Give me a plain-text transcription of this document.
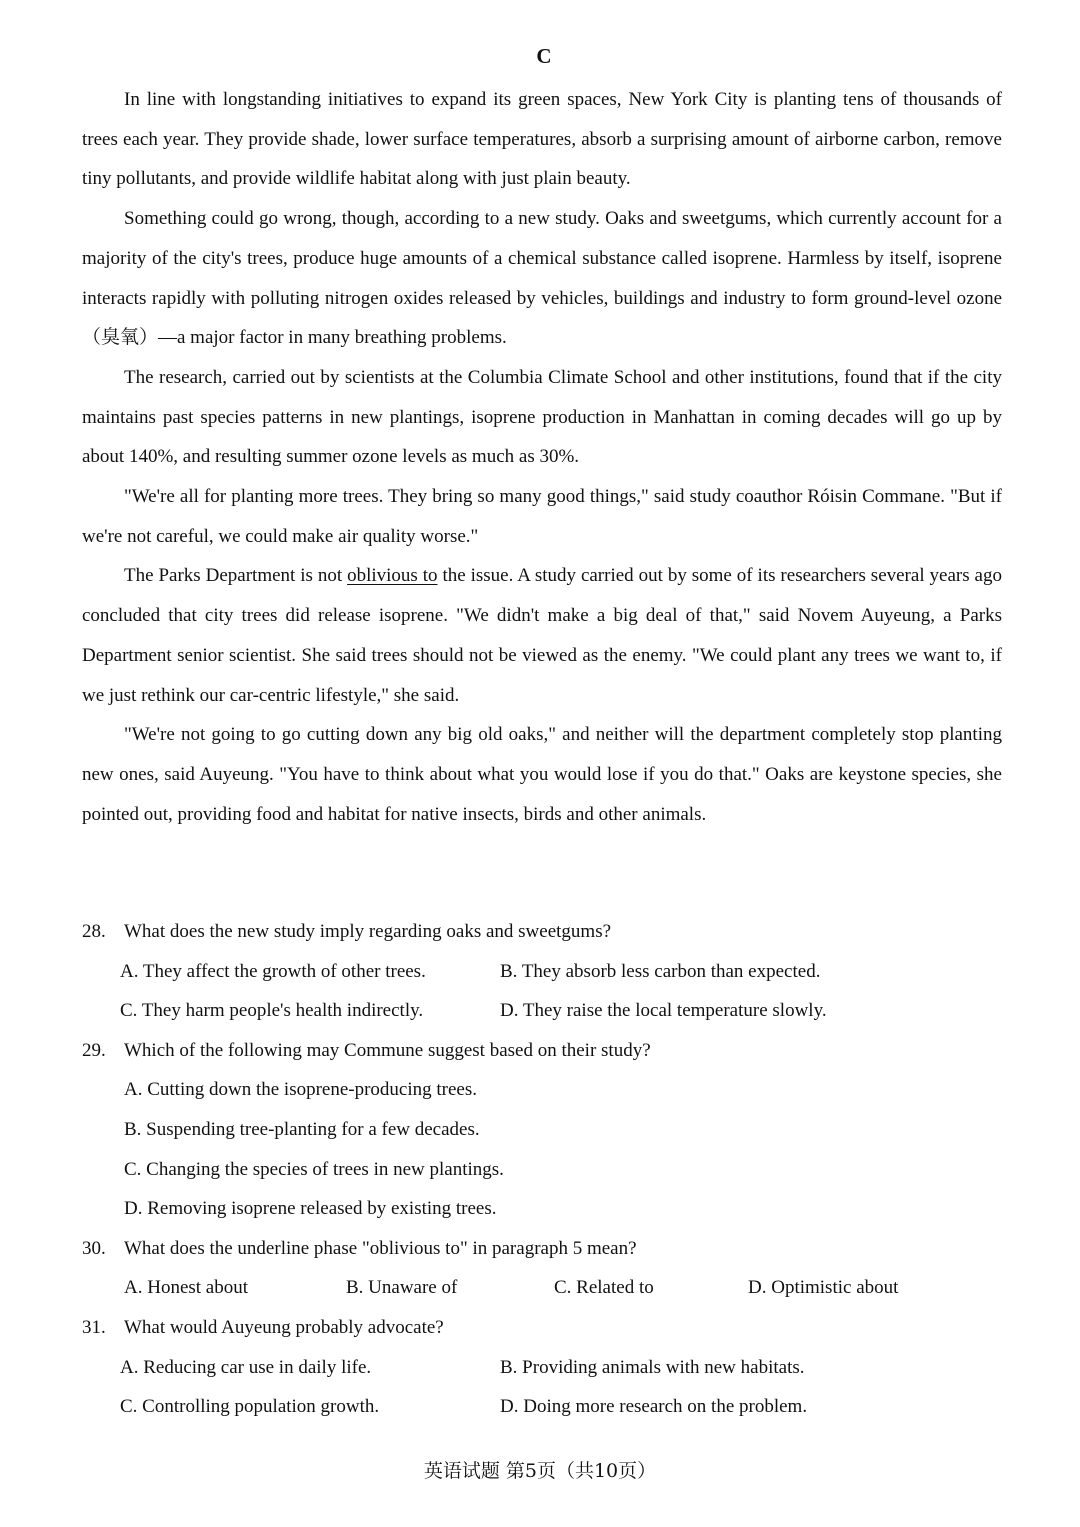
C

In line with longstanding initiatives to expand its green spaces, New York City is planting tens of thousands of trees each year. They provide shade, lower surface temperatures, absorb a surprising amount of airborne carbon, remove tiny pollutants, and provide wildlife habitat along with just plain beauty.

Something could go wrong, though, according to a new study. Oaks and sweetgums, which currently account for a majority of the city's trees, produce huge amounts of a chemical substance called isoprene. Harmless by itself, isoprene interacts rapidly with polluting nitrogen oxides released by vehicles, buildings and industry to form ground-level ozone （臭氧）—a major factor in many breathing problems.

The research, carried out by scientists at the Columbia Climate School and other institutions, found that if the city maintains past species patterns in new plantings, isoprene production in Manhattan in coming decades will go up by about 140%, and resulting summer ozone levels as much as 30%.

"We're all for planting more trees. They bring so many good things," said study coauthor Róisin Commane. "But if we're not careful, we could make air quality worse."

The Parks Department is not oblivious to the issue. A study carried out by some of its researchers several years ago concluded that city trees did release isoprene. "We didn't make a big deal of that," said Novem Auyeung, a Parks Department senior scientist. She said trees should not be viewed as the enemy. "We could plant any trees we want to, if we just rethink our car-centric lifestyle," she said.

"We're not going to go cutting down any big old oaks," and neither will the department completely stop planting new ones, said Auyeung. "You have to think about what you would lose if you do that." Oaks are keystone species, she pointed out, providing food and habitat for native insects, birds and other animals.

28. What does the new study imply regarding oaks and sweetgums?
A. They affect the growth of other trees.	B. They absorb less carbon than expected.
C. They harm people's health indirectly.	D. They raise the local temperature slowly.
29. Which of the following may Commune suggest based on their study?
A. Cutting down the isoprene-producing trees.
B. Suspending tree-planting for a few decades.
C. Changing the species of trees in new plantings.
D. Removing isoprene released by existing trees.
30. What does the underline phase "oblivious to" in paragraph 5 mean?
A. Honest about	B. Unaware of	C. Related to	D. Optimistic about
31. What would Auyeung probably advocate?
A. Reducing car use in daily life.	B. Providing animals with new habitats.
C. Controlling population growth.	D. Doing more research on the problem.
英语试题 第5页（共10页）
